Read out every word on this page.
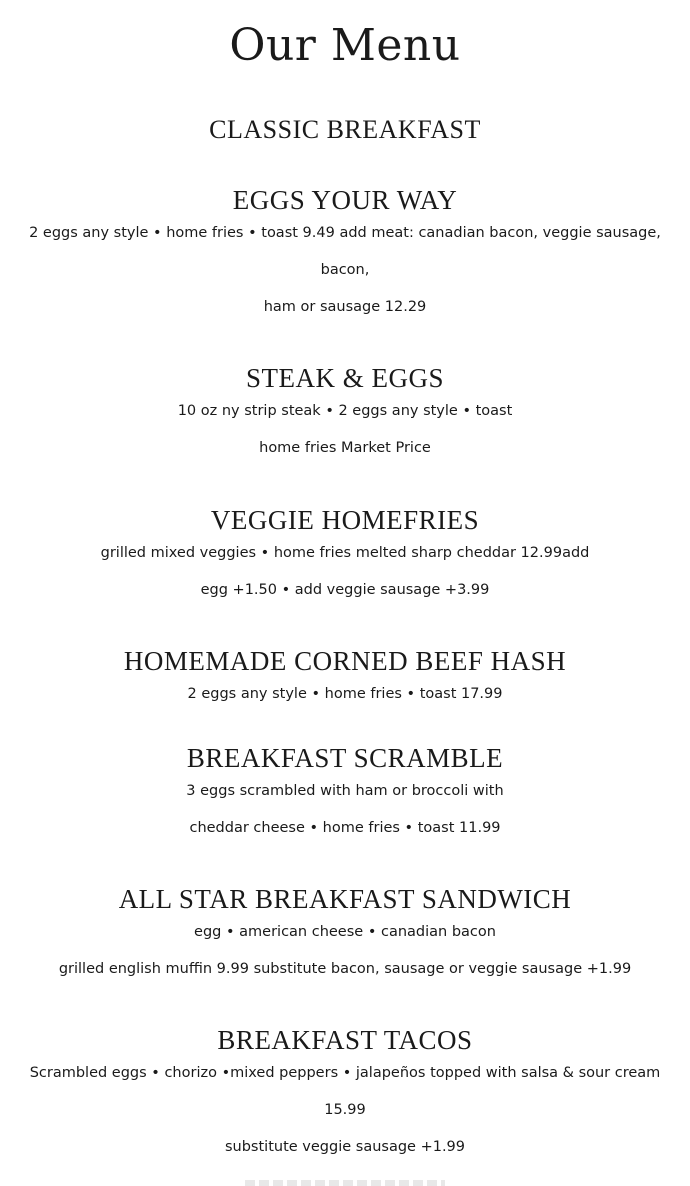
Our Menu
CLASSIC BREAKFAST
EGGS YOUR WAY

2 eggs any style • home fries • toast 9.49 add meat: canadian bacon, veggie sausage, bacon,

ham or sausage 12.29

STEAK & EGGS

10 oz ny strip steak • 2 eggs any style • toast

home fries Market Price

VEGGIE HOMEFRIES

grilled mixed veggies • home fries melted sharp cheddar 12.99add

egg +1.50 • add veggie sausage +3.99

HOMEMADE CORNED BEEF HASH

2 eggs any style • home fries • toast 17.99

BREAKFAST SCRAMBLE

3 eggs scrambled with ham or broccoli with

cheddar cheese • home fries • toast 11.99

ALL STAR BREAKFAST SANDWICH

egg • american cheese • canadian bacon

grilled english muffin 9.99 substitute bacon, sausage or veggie sausage +1.99

BREAKFAST TACOS

Scrambled eggs • chorizo •mixed peppers • jalapeños topped with salsa & sour cream 15.99

substitute veggie sausage +1.99
